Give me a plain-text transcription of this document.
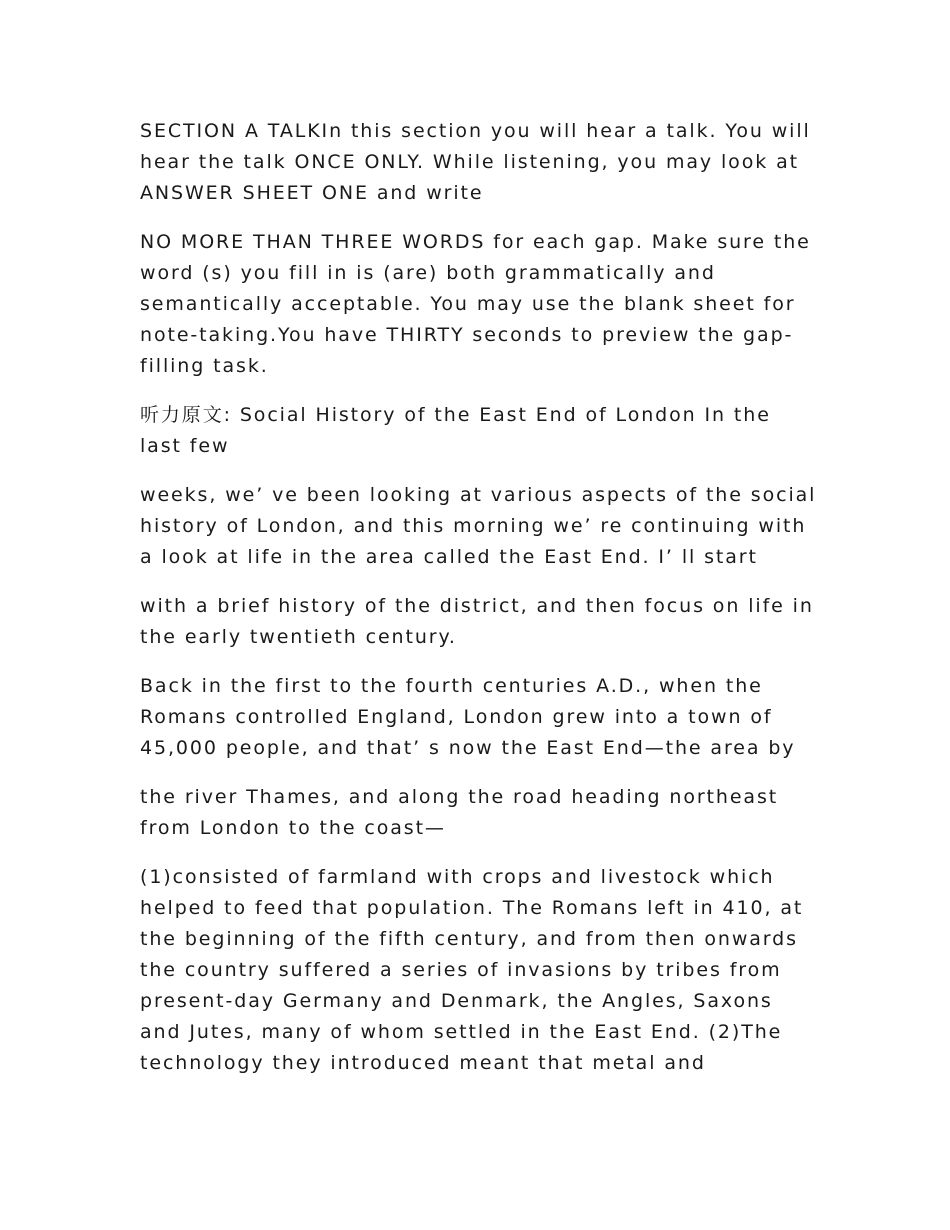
SECTION A TALKIn this section you will hear a talk. You will hear the talk ONCE ONLY. While listening, you may look at ANSWER SHEET ONE and write

NO MORE THAN THREE WORDS for each gap. Make sure the word (s) you fill in is (are) both grammatically and semantically acceptable. You may use the blank sheet for note-taking.You have THIRTY seconds to preview the gap-filling task.

听力原文: Social History of the East End of London In the last few

weeks, we’ ve been looking at various aspects of the social history of London, and this morning we’ re continuing with a look at life in the area called the East End. I’ ll start

with a brief history of the district, and then focus on life in the early twentieth century.

Back in the first to the fourth centuries A.D., when the Romans controlled England, London grew into a town of 45,000 people, and that’ s now the East End—the area by

the river Thames, and along the road heading northeast from London to the coast—

(1)consisted of farmland with crops and livestock which helped to feed that population. The Romans left in 410, at the beginning of the fifth century, and from then onwards the country suffered a series of invasions by tribes from present-day Germany and Denmark, the Angles, Saxons and Jutes, many of whom settled in the East End. (2)The technology they introduced meant that metal and
